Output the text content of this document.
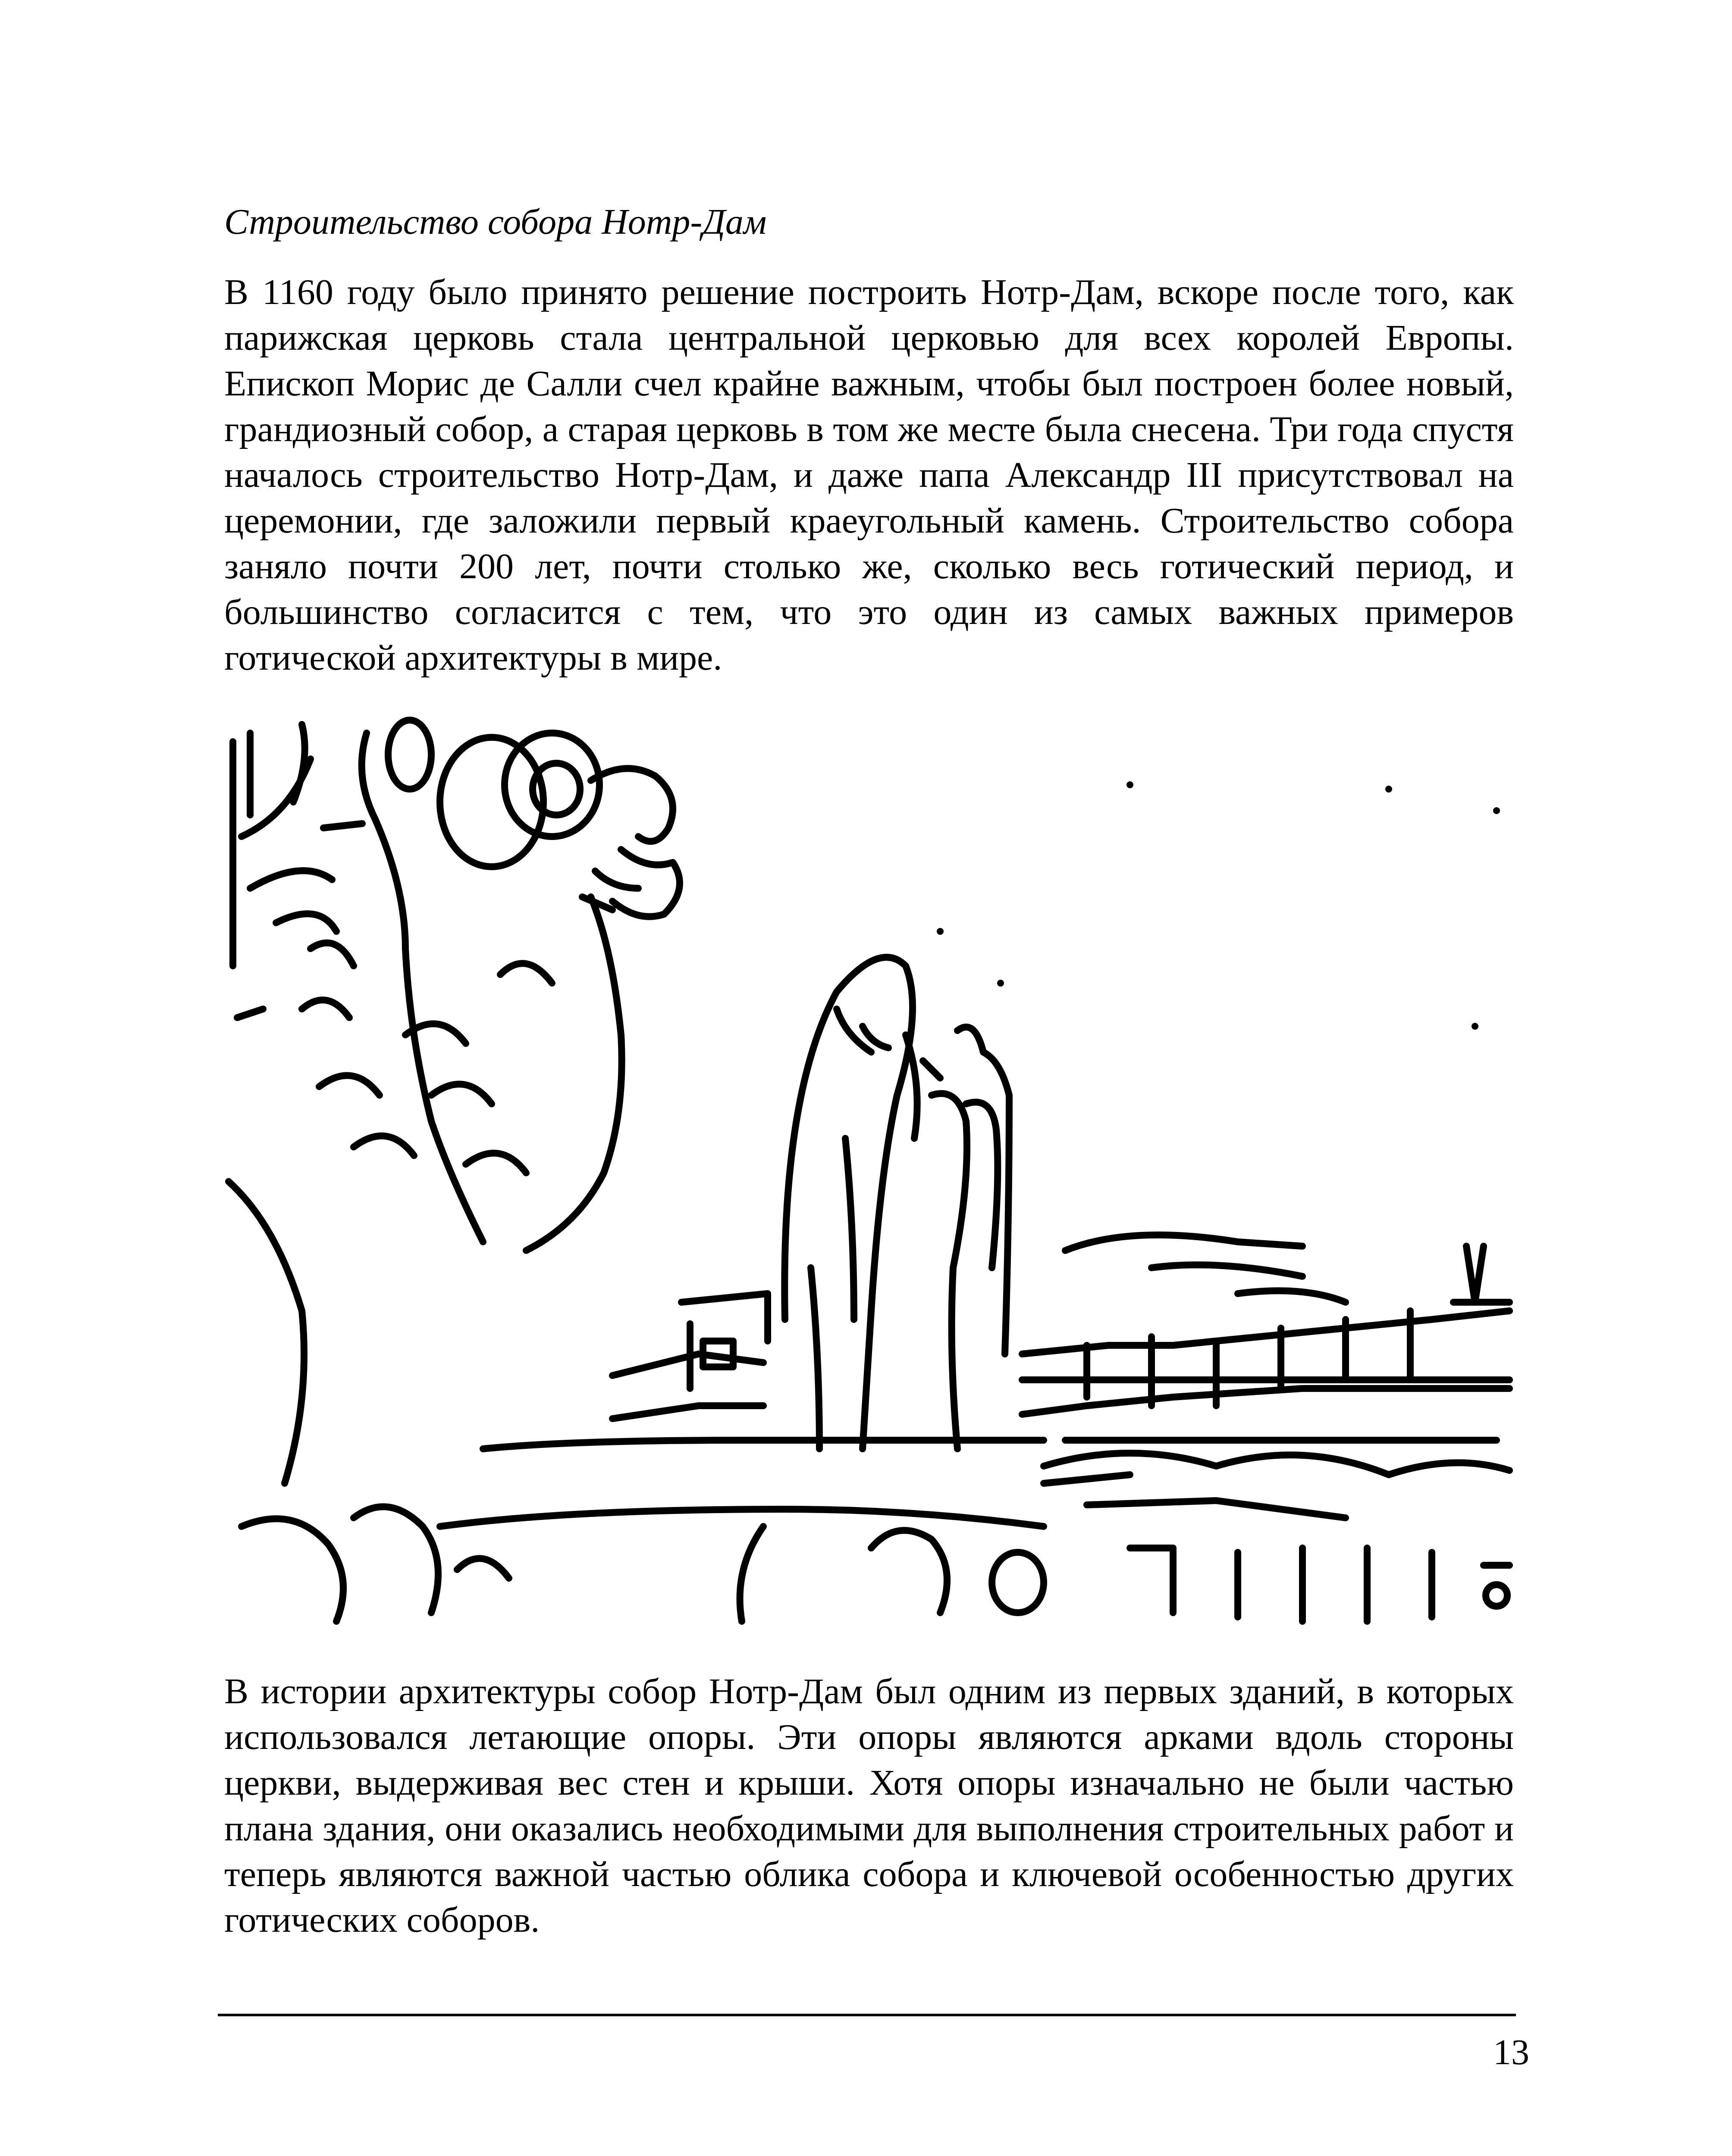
Строительство собора Нотр-Дам
В 1160 году было принято решение построить Нотр-Дам, вскоре после того, как парижская церковь стала центральной церковью для всех королей Европы. Епископ Морис де Салли счел крайне важным, чтобы был построен более новый, грандиозный собор, а старая церковь в том же месте была снесена. Три года спустя началось строительство Нотр-Дам, и даже папа Александр III присутствовал на церемонии, где заложили первый краеугольный камень. Строительство собора заняло почти 200 лет, почти столько же, сколько весь готический период, и большинство согласится с тем, что это один из самых важных примеров готической архитектуры в мире.
В истории архитектуры собор Нотр-Дам был одним из первых зданий, в которых использовался летающие опоры. Эти опоры являются арками вдоль стороны церкви, выдерживая вес стен и крыши. Хотя опоры изначально не были частью плана здания, они оказались необходимыми для выполнения строительных работ и теперь являются важной частью облика собора и ключевой особенностью других готических соборов.
13
